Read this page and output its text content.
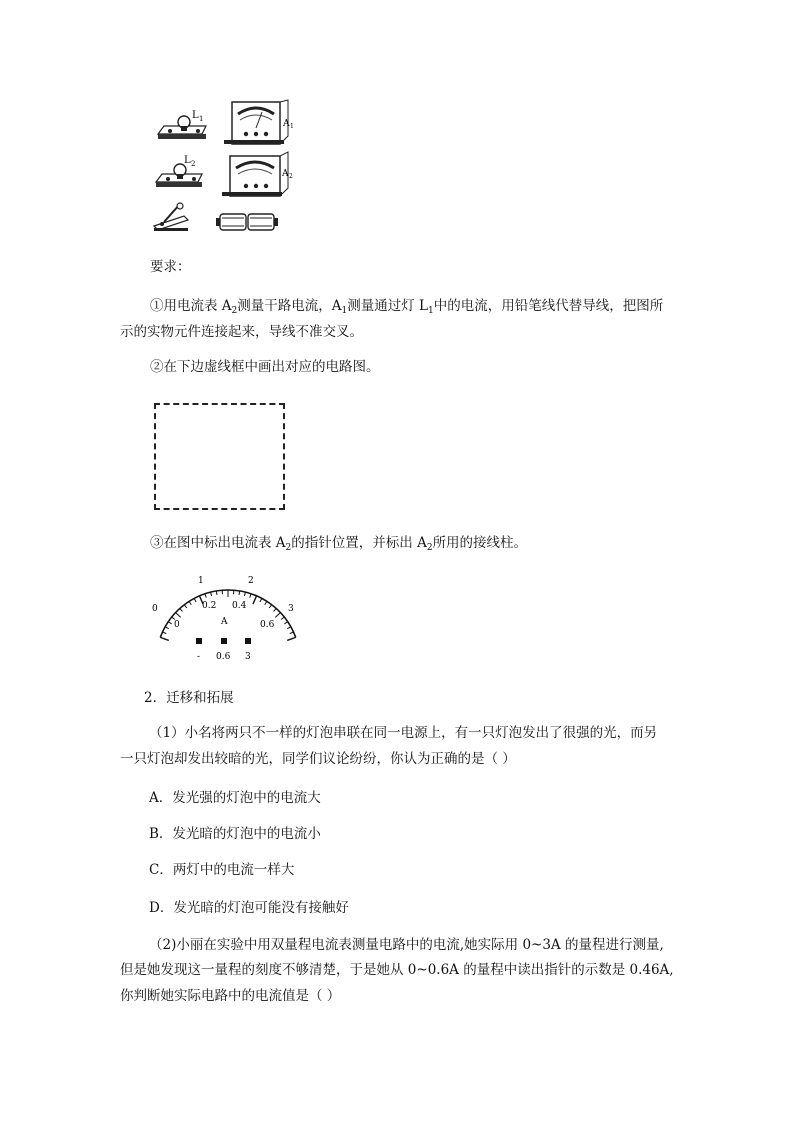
L 1	A 1
L 2
A 2
要求：
①用电流表 $A_2$测量干路电流，$A_1$测量通过灯 $L_1$中的电流，用铅笔线代替导线，把图所
示的实物元件连接起来，导线不准交叉。
②在下边虚线框中画出对应的电路图。
③在图中标出电流表 $A_2$的指针位置，并标出 $A_2$所用的接线柱。
0
1	2
3
0
0.2 0.4
0.6
A
- 0.6 3
2．迁移和拓展
（1）小名将两只不一样的灯泡串联在同一电源上，有一只灯泡发出了很强的光，而另
一只灯泡却发出较暗的光，同学们议论纷纷，你认为正确的是（ ）
A．发光强的灯泡中的电流大
B．发光暗的灯泡中的电流小
C．两灯中的电流一样大
D．发光暗的灯泡可能没有接触好
（2)小丽在实验中用双量程电流表测量电路中的电流,她实际用 0~3A 的量程进行测量,
但是她发现这一量程的刻度不够清楚，于是她从 0~0.6A 的量程中读出指针的示数是 0.46A,
你判断她实际电路中的电流值是（ ）
